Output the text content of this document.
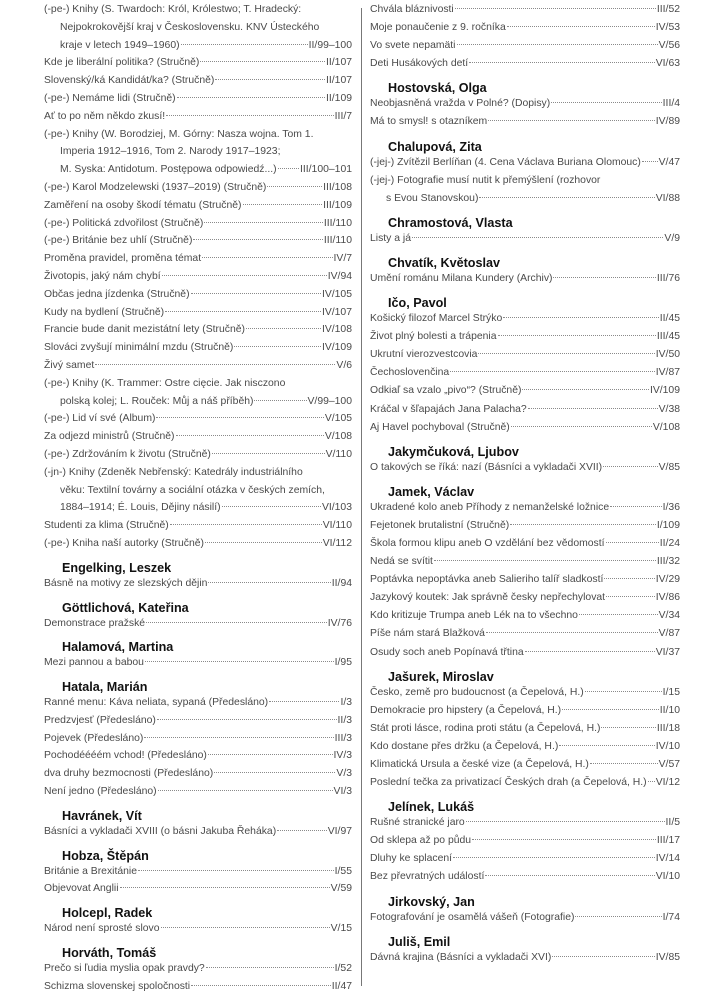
(-pe-) Knihy (S. Twardoch: Król, Królestwo; T. Hradecký:
Nejpokrokovější kraj v Československu. KNV Ústeckého
kraje v letech 1949–1960)	II/99–100
Kde je liberální politika? (Stručně)	II/107
Slovenský/ká Kandidát/ka? (Stručně)	II/107
(-pe-) Nemáme lidi (Stručně)	II/109
Ať to po něm někdo zkusí!	III/7
(-pe-) Knihy (W. Borodziej, M. Górny: Nasza wojna. Tom 1.
Imperia 1912–1916, Tom 2. Narody 1917–1923;
M. Syska: Antidotum. Postępowa odpowiedź...) III/100–101
(-pe-) Karol Modzelewski (1937–2019) (Stručně)	III/108
Zaměření na osoby škodí tématu (Stručně)	III/109
(-pe-) Politická zdvořilost (Stručně)	III/110
(-pe-) Británie bez uhlí (Stručně)	III/110
Proměna pravidel, proměna témat	IV/7
Životopis, jaký nám chybí	IV/94
Občas jedna jízdenka (Stručně)	IV/105
Kudy na bydlení (Stručně)	IV/107
Francie bude danit mezistátní lety (Stručně)	IV/108
Slováci zvyšují minimální mzdu (Stručně)	IV/109
Živý samet	V/6
(-pe-) Knihy (K. Trammer: Ostre cięcie. Jak nisczono
polską kolej; L. Rouček: Můj a náš příběh)	V/99–100
(-pe-) Lid ví své (Album)	V/105
Za odjezd ministrů (Stručně)	V/108
(-pe-) Zdržováním k životu (Stručně)	V/110
(-jn-) Knihy (Zdeněk Nebřenský: Katedrály industriálního
věku: Textilní továrny a sociální otázka v českých zemích,
1884–1914; É. Louis, Dějiny násilí)	VI/103
Studenti za klima (Stručně)	VI/110
(-pe-) Kniha naší autorky (Stručně)	VI/112
Engelking, Leszek
Básně na motivy ze slezských dějin	II/94
Göttlichová, Kateřina
Demonstrace pražské	IV/76
Halamová, Martina
Mezi pannou a babou	I/95
Hatala, Marián
Ranné menu: Káva neliata, sypaná (Předesláno)	I/3
Predzvjesť (Předesláno)	II/3
Pojevek (Předesláno)	III/3
Pochodéééém vchod! (Předesláno)	IV/3
dva druhy bezmocnosti (Předesláno)	V/3
Není jedno (Předesláno)	VI/3
Havránek, Vít
Básníci a vykladači XVIII (o básni Jakuba Řeháka)	VI/97
Hobza, Štěpán
Británie a Brexitánie	I/55
Objevovat Anglii	V/59
Holcepl, Radek
Národ není sprosté slovo	V/15
Horváth, Tomáš
Prečo si ľudia myslia opak pravdy?	I/52
Schizma slovenskej spoločnosti	II/47
Chvála bláznivosti	III/52
Moje ponaučenie z 9. ročníka	IV/53
Vo svete nepamäti	V/56
Deti Husákových detí	VI/63
Hostovská, Olga
Neobjasněná vražda v Polné? (Dopisy)	III/4
Má to smysl! s otazníkem	IV/89
Chalupová, Zita
(-jej-) Zvítězil Berlíňan (4. Cena Václava Buriana Olomouc) V/47
(-jej-) Fotografie musí nutit k přemýšlení (rozhovor
s Evou Stanovskou)	VI/88
Chramostová, Vlasta
Listy a já	V/9
Chvatík, Květoslav
Umění románu Milana Kundery (Archiv)	III/76
Ičo, Pavol
Košický filozof Marcel Strýko	II/45
Život plný bolesti a trápenia	III/45
Ukrutní vierozvestcovia	IV/50
Čechoslovenčina	IV/87
Odkiaľ sa vzalo „pivo“? (Stručně)	IV/109
Kráčal v šľapajách Jana Palacha?	V/38
Aj Havel pochyboval (Stručně)	V/108
Jakymčuková, Ljubov
O takových se říká: nazí (Básníci a vykladači XVII)	V/85
Jamek, Václav
Ukradené kolo aneb Příhody z nemanželské ložnice	I/36
Fejetonek brutalistní (Stručně)	I/109
Škola formou klipu aneb O vzdělání bez vědomostí	II/24
Nedá se svítit	III/32
Poptávka nepoptávka aneb Salieriho talíř sladkostí	IV/29
Jazykový koutek: Jak správně česky nepřechylovat	IV/86
Kdo kritizuje Trumpa aneb Lék na to všechno	V/34
Píše nám stará Blažková	V/87
Osudy soch aneb Popínavá třtina	VI/37
Jašurek, Miroslav
Česko, země pro budoucnost (a Čepelová, H.)	I/15
Demokracie pro hipstery (a Čepelová, H.)	II/10
Stát proti lásce, rodina proti státu (a Čepelová, H.)	III/18
Kdo dostane přes držku (a Čepelová, H.)	IV/10
Klimatická Ursula a české vize (a Čepelová, H.)	V/57
Poslední tečka za privatizací Českých drah (a Čepelová, H.) VI/12
Jelínek, Lukáš
Rušné stranické jaro	II/5
Od sklepa až po půdu	III/17
Dluhy ke splacení	IV/14
Bez převratných událostí	VI/10
Jirkovský, Jan
Fotografování je osamělá vášeň (Fotografie)	I/74
Juliš, Emil
Dávná krajina (Básníci a vykladači XVI)	IV/85
